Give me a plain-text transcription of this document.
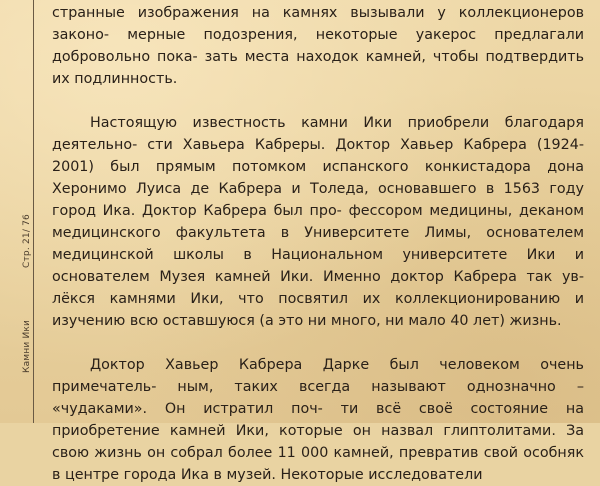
Стр. 21/ 76
Камни Ики

странные изображения на камнях вызывали у коллекционеров законо- мерные подозрения, некоторые уакерос предлагали добровольно пока- зать места находок камней, чтобы подтвердить их подлинность.

Настоящую известность камни Ики приобрели благодаря деятельно- сти Хавьера Кабреры. Доктор Хавьер Кабрера (1924-2001) был прямым потомком испанского конкистадора дона Херонимо Луиса де Кабрера и Толеда, основавшего в 1563 году город Ика. Доктор Кабрера был про- фессором медицины, деканом медицинского факультета в Университете Лимы, основателем медицинской школы в Национальном университете Ики и основателем Музея камней Ики. Именно доктор Кабрера так ув- лёкся камнями Ики, что посвятил их коллекционированию и изучению всю оставшуюся (а это ни много, ни мало 40 лет) жизнь.

Доктор Хавьер Кабрера Дарке был человеком очень примечатель- ным, таких всегда называют однозначно – «чудаками». Он истратил поч- ти всё своё состояние на приобретение камней Ики, которые он назвал глиптолитами. За свою жизнь он собрал более 11 000 камней, превратив свой особняк в центре города Ика в музей. Некоторые исследователи
